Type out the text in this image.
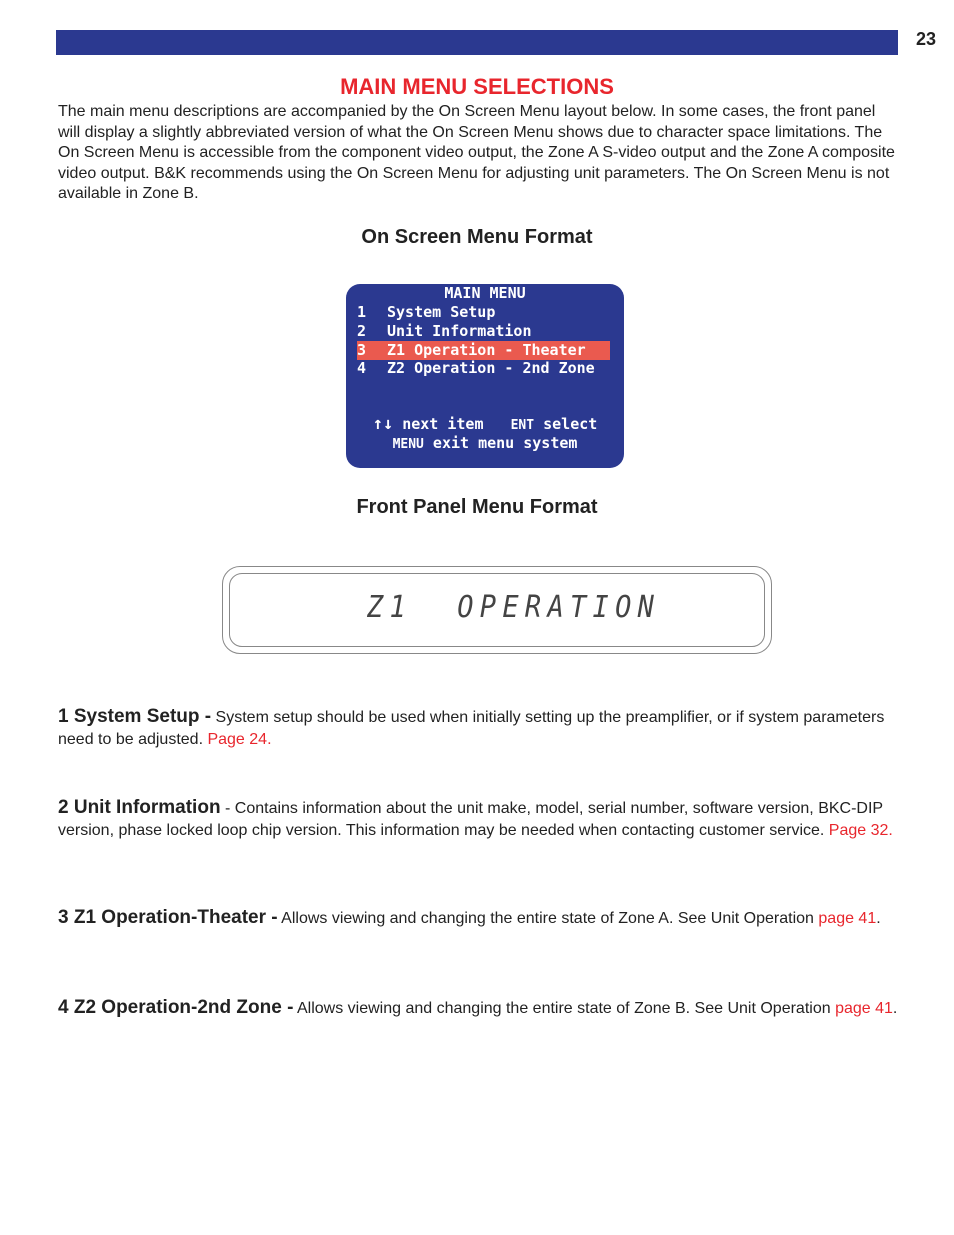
23
MAIN MENU SELECTIONS
The main menu descriptions are accompanied by the On Screen Menu layout below. In some cases, the front panel will display a slightly abbreviated version of what the On Screen Menu shows due to character space limitations. The On Screen Menu is accessible from the component video output, the Zone A S-video output and the Zone A composite video output. B&K recommends using the On Screen Menu for adjusting unit parameters. The On Screen Menu is not available in Zone B.
On Screen Menu Format
MAIN MENU
1 System Setup
2 Unit Information
3 Z1 Operation - Theater
4 Z2 Operation - 2nd Zone
↑↓ next item ENT select
MENU exit menu system
Front Panel Menu Format
Z1  OPERATION
1 System Setup - System setup should be used when initially setting up the preamplifier, or if system parameters need to be adjusted. Page 24.
2 Unit Information - Contains information about the unit make, model, serial number, software version, BKC-DIP version, phase locked loop chip version. This information may be needed when contacting customer service. Page 32.
3 Z1 Operation-Theater - Allows viewing and changing the entire state of Zone A. See Unit Operation page 41.
4 Z2 Operation-2nd Zone - Allows viewing and changing the entire state of Zone B. See Unit Operation page 41.
